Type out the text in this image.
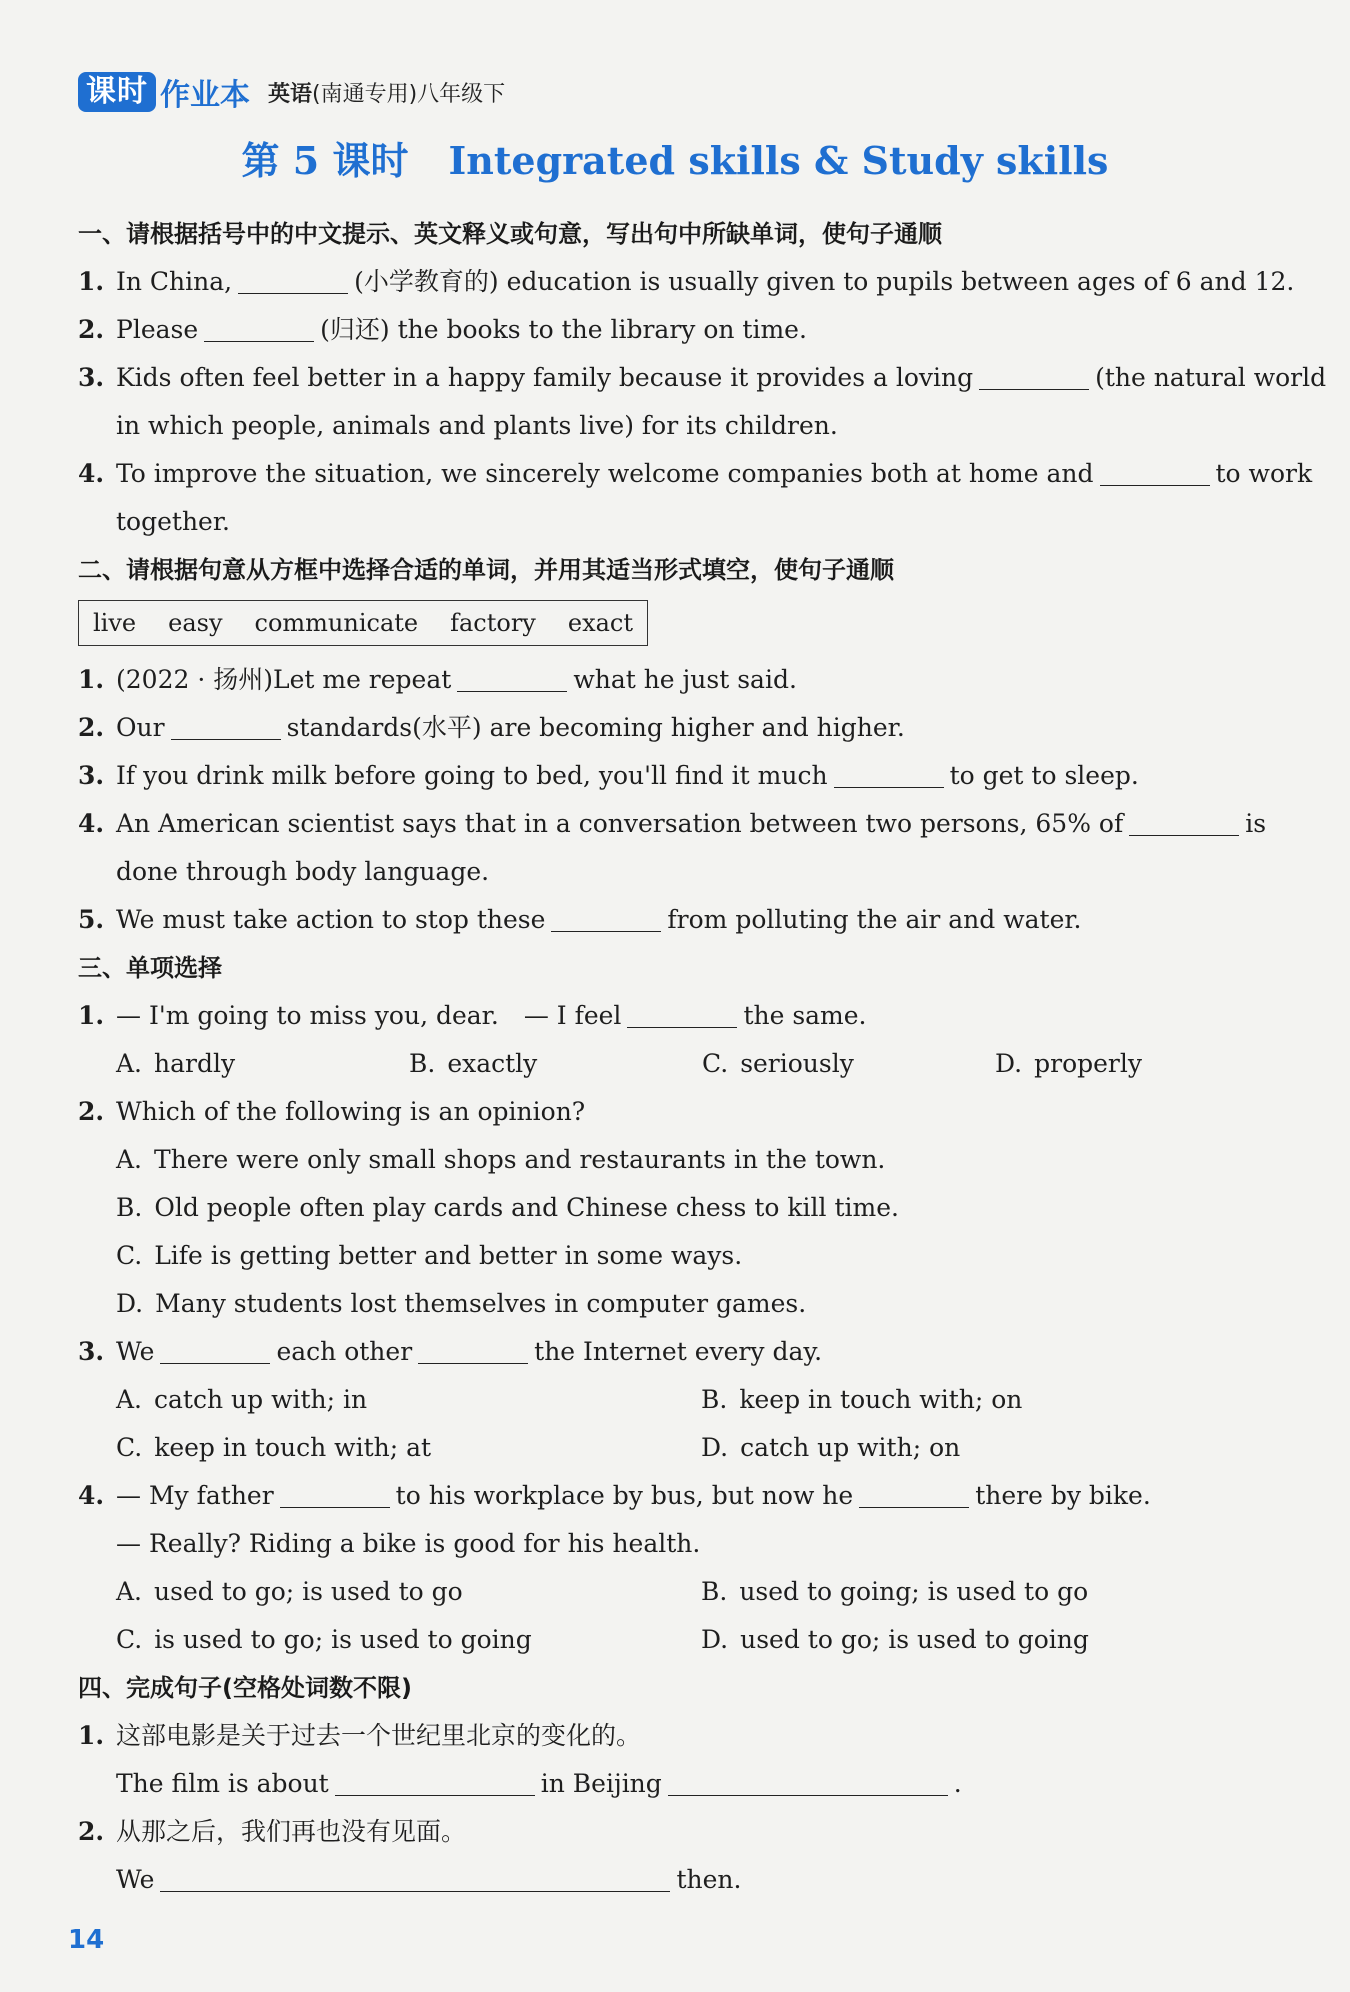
课时 作业本 英语(南通专用)八年级下
第 5 课时 Integrated skills & Study skills
一、请根据括号中的中文提示、英文释义或句意，写出句中所缺单词，使句子通顺
1. In China,	(小学教育的) education is usually given to pupils between ages of 6 and 12.
2. Please	(归还) the books to the library on time.
3. Kids often feel better in a happy family because it provides a loving	(the natural world
in which people, animals and plants live) for its children.
4. To improve the situation, we sincerely welcome companies both at home and	to work
together.
二、请根据句意从方框中选择合适的单词，并用其适当形式填空，使句子通顺
live easy communicate factory exact
1. (2022 · 扬州)Let me repeat	what he just said.
2. Our	standards(水平) are becoming higher and higher.
3. If you drink milk before going to bed, you'll find it much	to get to sleep.
4. An American scientist says that in a conversation between two persons, 65% of	is
done through body language.
5. We must take action to stop these	from polluting the air and water.
三、单项选择
1. — I'm going to miss you, dear.　— I feel	the same.
A. hardly	B. exactly	C. seriously	D. properly
2. Which of the following is an opinion?
A. There were only small shops and restaurants in the town.
B. Old people often play cards and Chinese chess to kill time.
C. Life is getting better and better in some ways.
D. Many students lost themselves in computer games.
3. We	each other	the Internet every day.
A. catch up with; in	B. keep in touch with; on
C. keep in touch with; at	D. catch up with; on
4. — My father	to his workplace by bus, but now he	there by bike.
— Really? Riding a bike is good for his health.
A. used to go; is used to go	B. used to going; is used to go
C. is used to go; is used to going	D. used to go; is used to going
四、完成句子(空格处词数不限)
1. 这部电影是关于过去一个世纪里北京的变化的。
The film is about	in Beijing	.
2. 从那之后，我们再也没有见面。
We	then.
14
